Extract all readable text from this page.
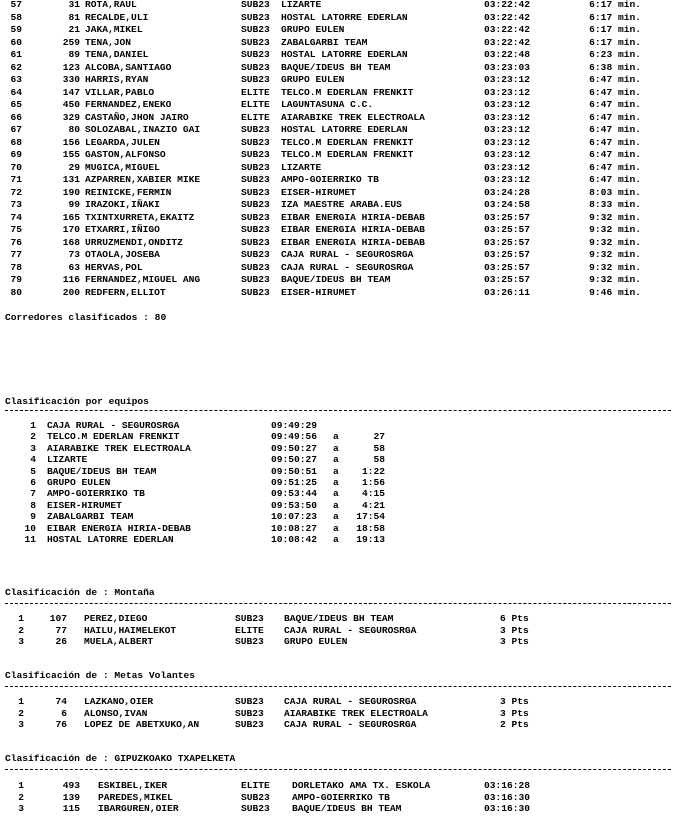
57	31 ROTA,RAUL	SUB23 LIZARTE	03:22:42	6:17 min.
58	81 RECALDE,ULI	SUB23 HOSTAL LATORRE EDERLAN	03:22:42	6:17 min.
59	21 JAKA,MIKEL	SUB23 GRUPO EULEN	03:22:42	6:17 min.
60	259 TENA,JON	SUB23 ZABALGARBI TEAM	03:22:42	6:17 min.
61	89 TENA,DANIEL	SUB23 HOSTAL LATORRE EDERLAN	03:22:48	6:23 min.
62	123 ALCOBA,SANTIAGO	SUB23 BAQUE/IDEUS BH TEAM	03:23:03	6:38 min.
63	330 HARRIS,RYAN	SUB23 GRUPO EULEN	03:23:12	6:47 min.
64	147 VILLAR,PABLO	ELITE TELCO.M EDERLAN FRENKIT	03:23:12	6:47 min.
65	450 FERNANDEZ,ENEKO	ELITE LAGUNTASUNA C.C.	03:23:12	6:47 min.
66	329 CASTAÑO,JHON JAIRO	ELITE AIARABIKE TREK ELECTROALA	03:23:12	6:47 min.
67	80 SOLOZABAL,INAZIO GAI	SUB23 HOSTAL LATORRE EDERLAN	03:23:12	6:47 min.
68	156 LEGARDA,JULEN	SUB23 TELCO.M EDERLAN FRENKIT	03:23:12	6:47 min.
69	155 GASTON,ALFONSO	SUB23 TELCO.M EDERLAN FRENKIT	03:23:12	6:47 min.
70	29 MUGICA,MIGUEL	SUB23 LIZARTE	03:23:12	6:47 min.
71	131 AZPARREN,XABIER MIKE	SUB23 AMPO-GOIERRIKO TB	03:23:12	6:47 min.
72	190 REINICKE,FERMIN	SUB23 EISER-HIRUMET	03:24:28	8:03 min.
73	99 IRAZOKI,IÑAKI	SUB23 IZA MAESTRE ARABA.EUS	03:24:58	8:33 min.
74	165 TXINTXURRETA,EKAITZ	SUB23 EIBAR ENERGIA HIRIA-DEBAB	03:25:57	9:32 min.
75	170 ETXARRI,IÑIGO	SUB23 EIBAR ENERGIA HIRIA-DEBAB	03:25:57	9:32 min.
76	168 URRUZMENDI,ONDITZ	SUB23 EIBAR ENERGIA HIRIA-DEBAB	03:25:57	9:32 min.
77	73 OTAOLA,JOSEBA	SUB23 CAJA RURAL - SEGUROSRGA	03:25:57	9:32 min.
78	63 HERVAS,POL	SUB23 CAJA RURAL - SEGUROSRGA	03:25:57	9:32 min.
79	116 FERNANDEZ,MIGUEL ANG	SUB23 BAQUE/IDEUS BH TEAM	03:25:57	9:32 min.
80	200 REDFERN,ELLIOT	SUB23 EISER-HIRUMET	03:26:11	9:46 min.
Corredores clasificados : 80
Clasificación por equipos
1 CAJA RURAL - SEGUROSRGA	09:49:29
2 TELCO.M EDERLAN FRENKIT	09:49:56 a	27
3 AIARABIKE TREK ELECTROALA	09:50:27 a	58
4 LIZARTE	09:50:27 a	58
5 BAQUE/IDEUS BH TEAM	09:50:51 a	1:22
6 GRUPO EULEN	09:51:25 a	1:56
7 AMPO-GOIERRIKO TB	09:53:44 a	4:15
8 EISER-HIRUMET	09:53:50 a	4:21
9 ZABALGARBI TEAM	10:07:23 a	17:54
10 EIBAR ENERGIA HIRIA-DEBAB	10:08:27 a	18:58
11 HOSTAL LATORRE EDERLAN	10:08:42 a	19:13
Clasificación de : Montaña
1	107 PEREZ,DIEGO	SUB23 BAQUE/IDEUS BH TEAM	6 Pts
2	77 HAILU,HAIMELEKOT	ELITE CAJA RURAL - SEGUROSRGA	3 Pts
3	26 MUELA,ALBERT	SUB23 GRUPO EULEN	3 Pts
Clasificación de : Metas Volantes
1	74 LAZKANO,OIER	SUB23 CAJA RURAL - SEGUROSRGA	3 Pts
2	6 ALONSO,IVAN	SUB23 AIARABIKE TREK ELECTROALA	3 Pts
3	76 LOPEZ DE ABETXUKO,AN	SUB23 CAJA RURAL - SEGUROSRGA	2 Pts
Clasificación de : GIPUZKOAKO TXAPELKETA
1	493 ESKIBEL,IKER	ELITE DORLETAKO AMA TX. ESKOLA	03:16:28
2	139 PAREDES,MIKEL	SUB23 AMPO-GOIERRIKO TB	03:16:30
3	115 IBARGUREN,OIER	SUB23 BAQUE/IDEUS BH TEAM	03:16:30
